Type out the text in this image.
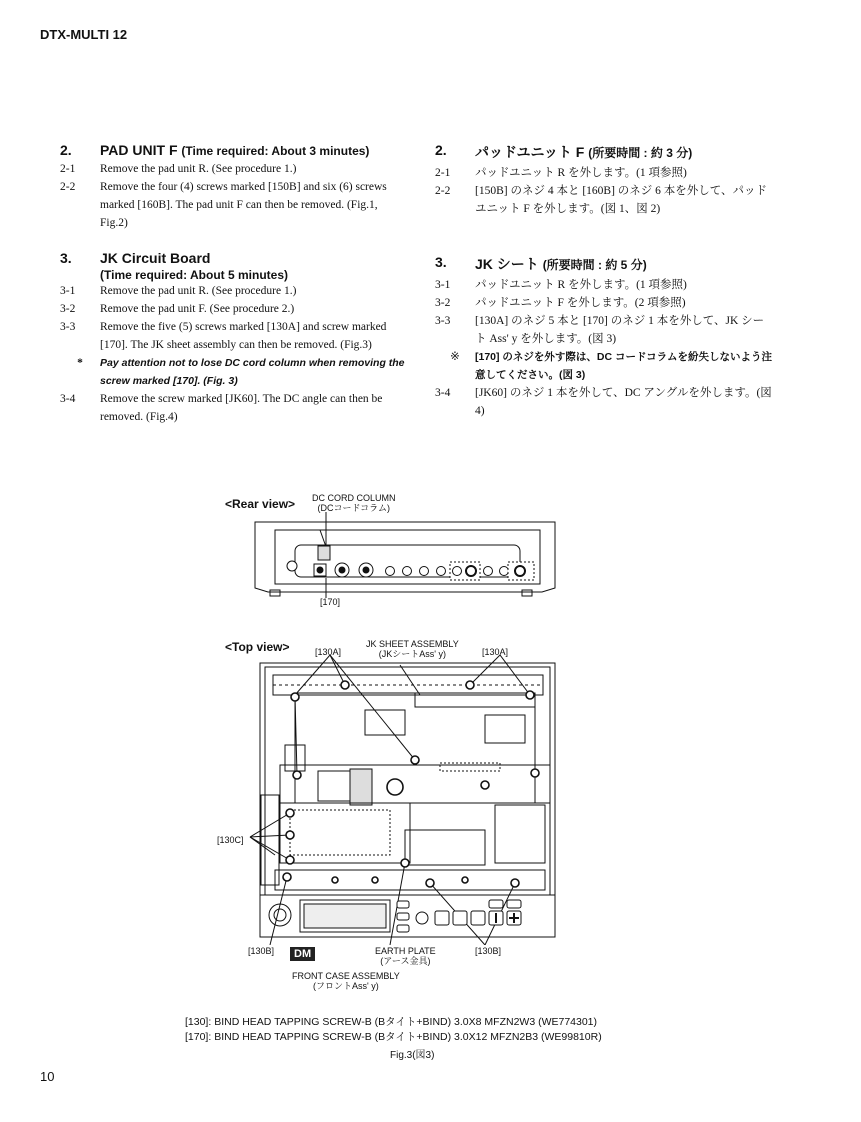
DTX-MULTI 12
2.	PAD UNIT F (Time required: About 3 minutes)
2-1	Remove the pad unit R. (See procedure 1.)
2-2	Remove the four (4) screws marked [150B] and six (6) screws marked [160B]. The pad unit F can then be removed. (Fig.1, Fig.2)
3.	JK Circuit Board
(Time required: About 5 minutes)
3-1	Remove the pad unit R. (See procedure 1.)
3-2	Remove the pad unit F. (See procedure 2.)
3-3	Remove the five (5) screws marked [130A] and screw marked [170]. The JK sheet assembly can then be removed. (Fig.3)
*	Pay attention not to lose DC cord column when removing the screw marked [170]. (Fig. 3)
3-4	Remove the screw marked [JK60]. The DC angle can then be removed. (Fig.4)
2.	パッドユニット F (所要時間 : 約 3 分)
2-1	パッドユニット R を外します。(1 項参照)
2-2	[150B] のネジ 4 本と [160B] のネジ 6 本を外して、パッドユニット F を外します。(図 1、図 2)
3.	JK シート (所要時間 : 約 5 分)
3-1	パッドユニット R を外します。(1 項参照)
3-2	パッドユニット F を外します。(2 項参照)
3-3	[130A] のネジ 5 本と [170] のネジ 1 本を外して、JK シート Ass' y を外します。(図 3)
※	[170] のネジを外す際は、DC コードコラムを紛失しないよう注意してください。(図 3)
3-4	[JK60] のネジ 1 本を外して、DC アングルを外します。(図 4)
<Rear view> DC CORD COLUMN
(DCコードコラム)
[170]
<Top view>	[130A]
JK SHEET ASSEMBLY
(JKシートAss' y)	[130A]
[130C]
[130B]	[130B]
EARTH PLATE
(アース金具)
FRONT CASE ASSEMBLY
(フロントAss' y)
DM
[130]: BIND HEAD TAPPING SCREW-B (Bタイト+BIND) 3.0X8 MFZN2W3 (WE774301)
[170]: BIND HEAD TAPPING SCREW-B (Bタイト+BIND) 3.0X12 MFZN2B3 (WE99810R)
Fig.3(図3)
10
